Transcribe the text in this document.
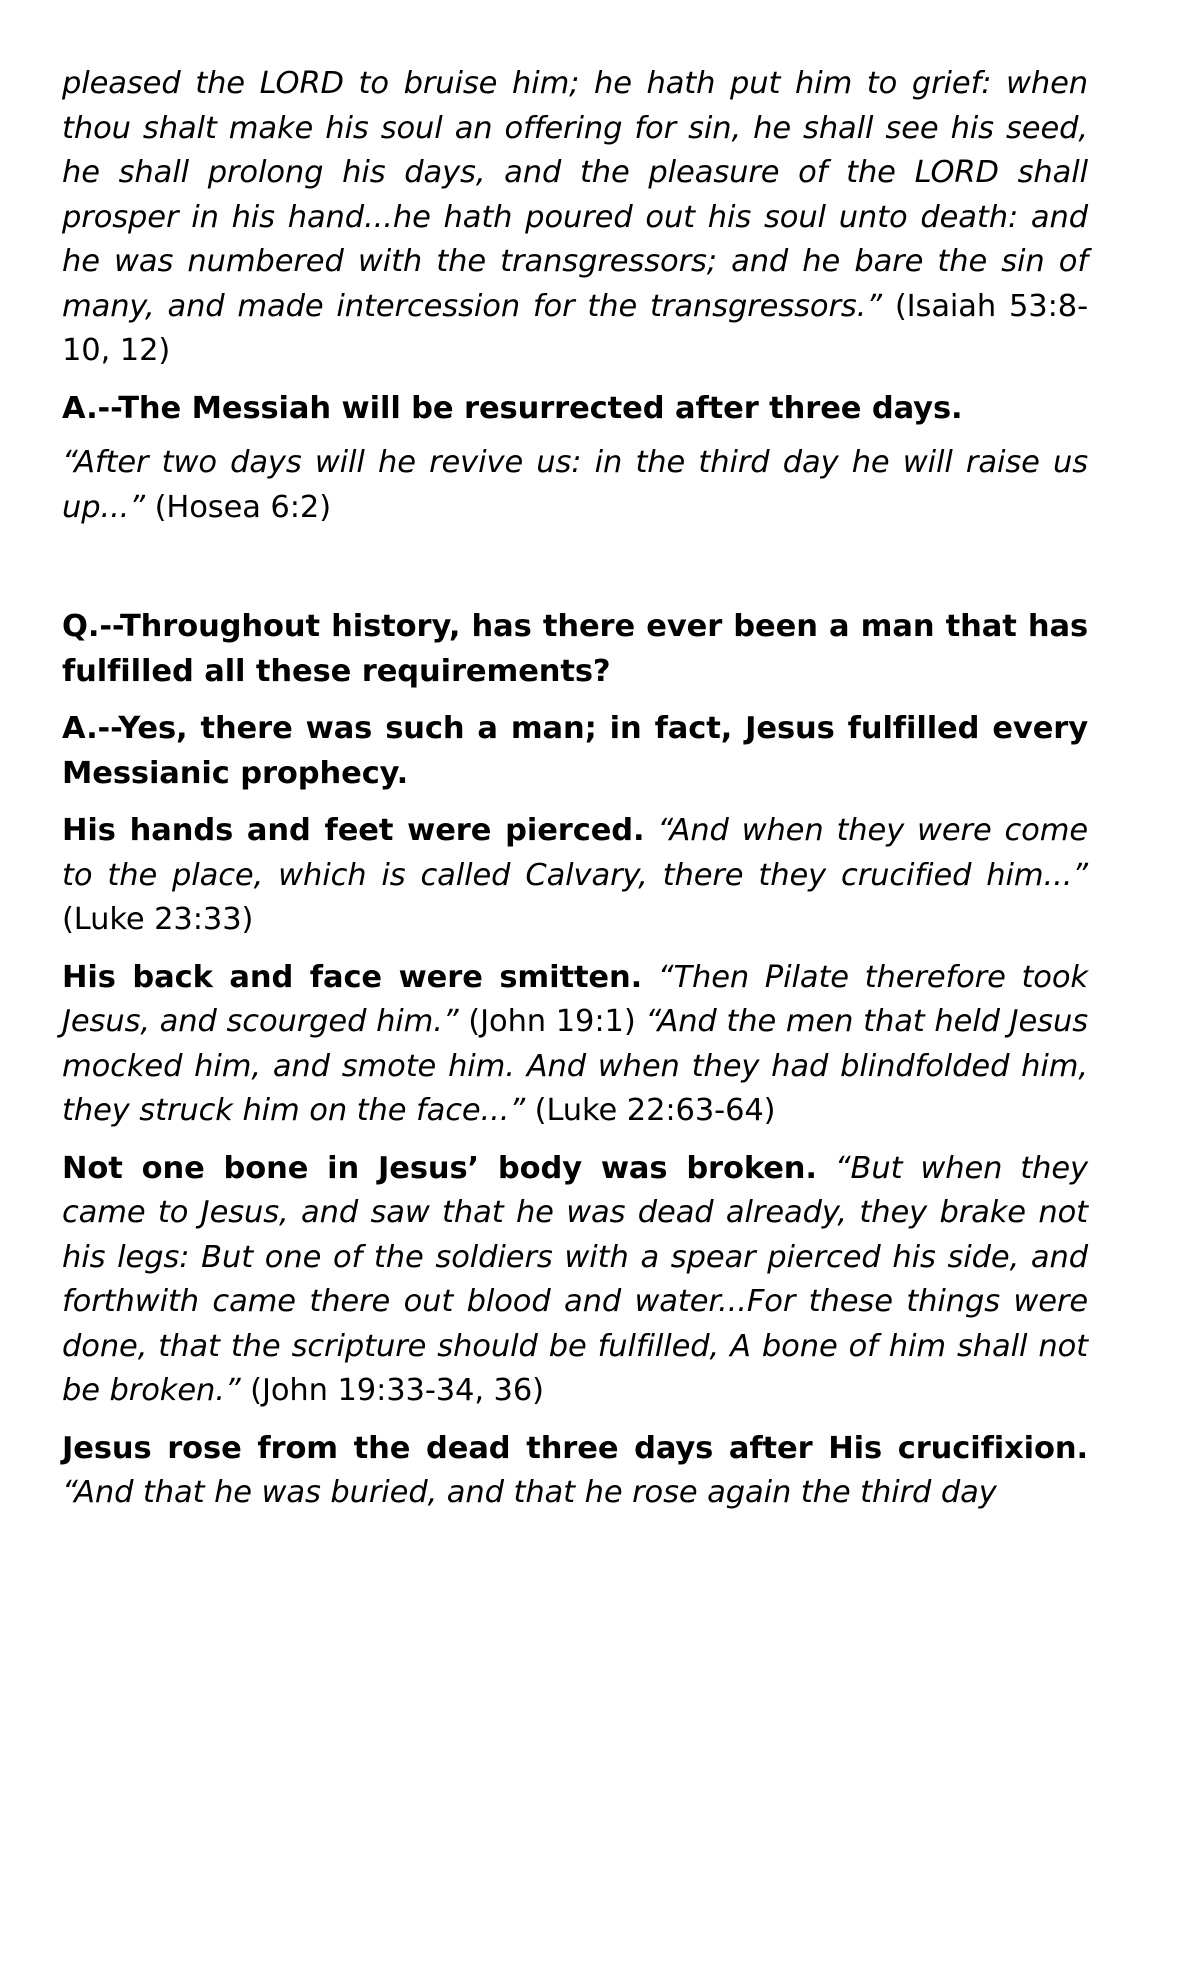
pleased the LORD to bruise him; he hath put him to grief: when thou shalt make his soul an offering for sin, he shall see his seed, he shall prolong his days, and the pleasure of the LORD shall prosper in his hand...he hath poured out his soul unto death: and he was numbered with the transgressors; and he bare the sin of many, and made intercession for the transgressors.” (Isaiah 53:8-10, 12)

A.--The Messiah will be resurrected after three days.

“After two days will he revive us: in the third day he will raise us up...” (Hosea 6:2)

Q.--Throughout history, has there ever been a man that has fulfilled all these requirements?

A.--Yes, there was such a man; in fact, Jesus fulfilled every Messianic prophecy.

His hands and feet were pierced. “And when they were come to the place, which is called Calvary, there they crucified him...” (Luke 23:33)

His back and face were smitten. “Then Pilate therefore took Jesus, and scourged him.” (John 19:1) “And the men that held Jesus mocked him, and smote him. And when they had blindfolded him, they struck him on the face...” (Luke 22:63-64)

Not one bone in Jesus’ body was broken. “But when they came to Jesus, and saw that he was dead already, they brake not his legs: But one of the soldiers with a spear pierced his side, and forthwith came there out blood and water...For these things were done, that the scripture should be fulfilled, A bone of him shall not be broken.” (John 19:33-34, 36)

Jesus rose from the dead three days after His crucifixion. “And that he was buried, and that he rose again the third day
